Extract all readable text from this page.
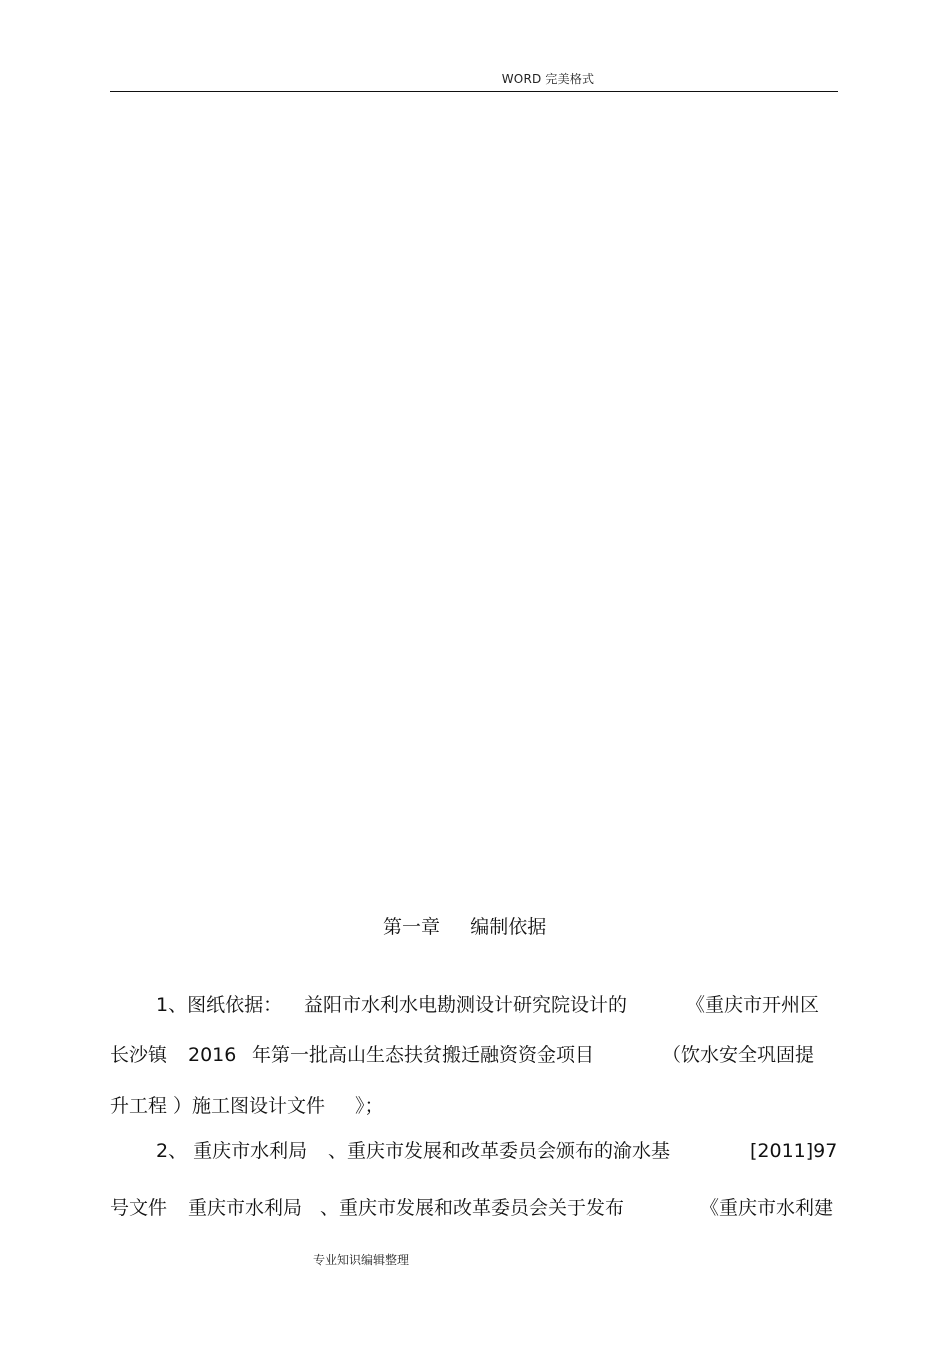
WORD 完美格式
第一章     编制依据

1、图纸依据：

益阳市水利水电勘测设计研究院设计的

	《重庆市开州区

长沙镇

2016

年第一批高山生态扶贫搬迁融资资金项目

	（饮水安全巩固提

升工程 ）施工图设计文件

》；

2、 重庆市水利局

、重庆市发展和改革委员会颁布的渝水基

	[2011]97

号文件

重庆市水利局

、重庆市发展和改革委员会关于发布

	《重庆市水利建

专业知识编辑整理
